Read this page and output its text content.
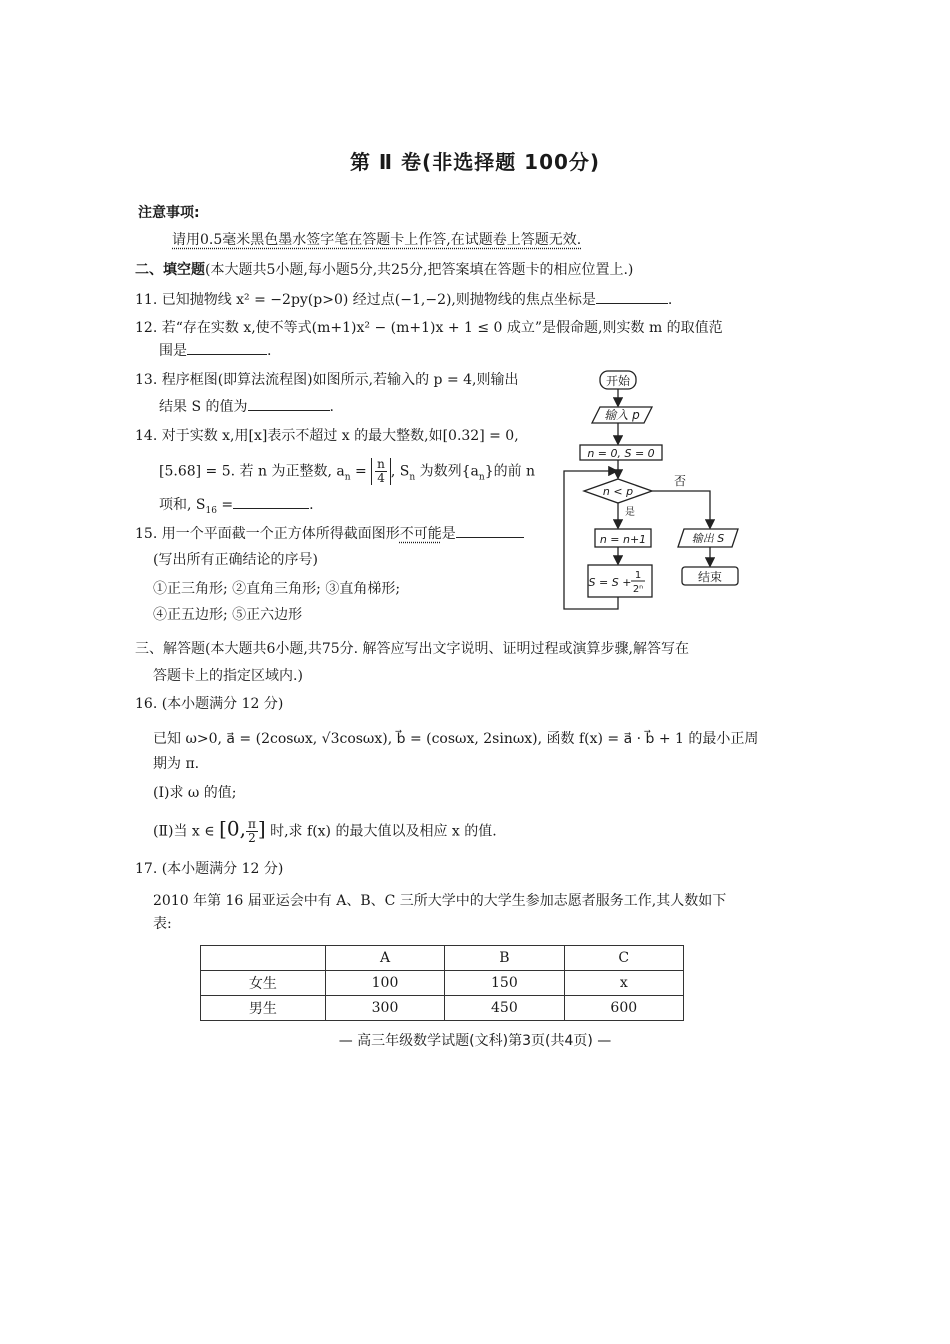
第 Ⅱ 卷(非选择题 100分)
注意事项:
请用0.5毫米黑色墨水签字笔在答题卡上作答,在试题卷上答题无效.
二、填空题(本大题共5小题,每小题5分,共25分,把答案填在答题卡的相应位置上.)
11. 已知抛物线 x² = −2py(p>0) 经过点(−1,−2),则抛物线的焦点坐标是	.
12. 若“存在实数 x,使不等式(m+1)x² − (m+1)x + 1 ≤ 0 成立”是假命题,则实数 m 的取值范
围是	.
13. 程序框图(即算法流程图)如图所示,若输入的 p = 4,则输出
结果 S 的值为	.
14. 对于实数 x,用[x]表示不超过 x 的最大整数,如[0.32] = 0,
[5.68] = 5. 若 n 为正整数, $a_n = \frac{n}{4}$ , $S_n$ 为数列$\{a_n\}$的前 n
项和, $S_{16}$ =	.
15. 用一个平面截一个正方体所得截面图形不可能是
(写出所有正确结论的序号)
①正三角形; ②直角三角形; ③直角梯形;
④正五边形; ⑤正六边形
开始
输入 p
n = 0, S = 0
n < p
是
否
n = n+1
S = S +
1
2ⁿ
输出 S
结束
三、解答题(本大题共6小题,共75分. 解答应写出文字说明、证明过程或演算步骤,解答写在
答题卡上的指定区域内.)
16. (本小题满分 12 分)
已知 ω>0, a⃗ = (2cosωx, √3cosωx), b⃗ = (cosωx, 2sinωx), 函数 f(x) = a⃗ · b⃗ + 1 的最小正周
期为 π.
(Ⅰ)求 ω 的值;
(Ⅱ)当 x ∈ [0, $\frac{\pi}{2}$ ] 时,求 f(x) 的最大值以及相应 x 的值.
17. (本小题满分 12 分)
2010 年第 16 届亚运会中有 A、B、C 三所大学中的大学生参加志愿者服务工作,其人数如下
表:
	A	B	C
女生	100	150	x
男生	300	450	600
— 高三年级数学试题(文科)第3页(共4页) —
